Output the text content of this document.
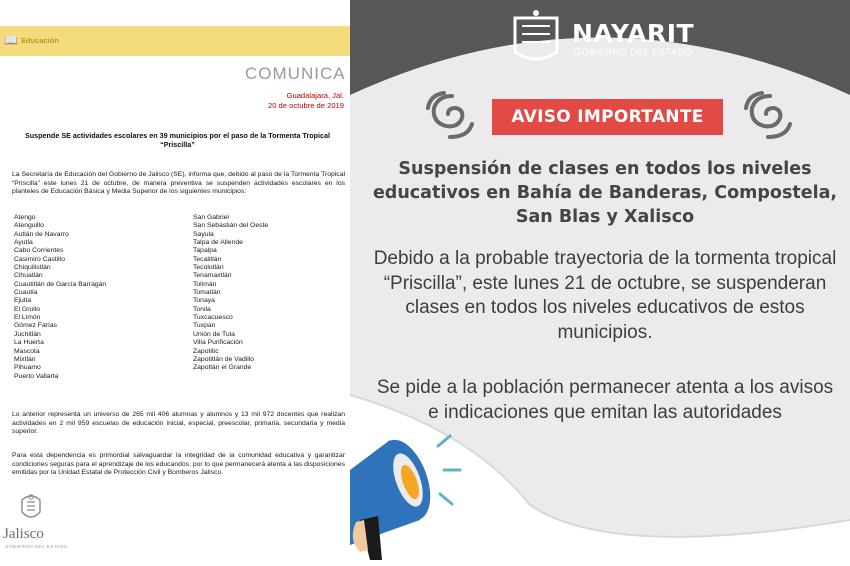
📖 Educación
COMUNICA
Guadalajara, Jal.
20 de octubre de 2019
Suspende SE actividades escolares en 39 municipios por el paso de la Tormenta Tropical “Priscilla”

La Secretaría de Educación del Gobierno de Jalisco (SE), informa que, debido al paso de la Tormenta Tropical “Priscilla” este lunes 21 de octubre, de manera preventiva se suspenden actividades escolares en los planteles de Educación Básica y Media Superior de los siguientes municipios:

Atengo
Atenguillo
Autlán de Navarro
Ayutla
Cabo Corrientes
Casimiro Castillo
Chiquilistlán
Cihuatlán
Cuautitlán de García Barragán
Cuautla
Ejutla
El Grullo
El Limón
Gómez Farías
Juchitlán
La Huerta
Mascota
Mixtlán
Pihuamo
Puerto Vallarta
San Gabriel
San Sebastián del Oeste
Sayula
Talpa de Allende
Tapalpa
Tecalitlán
Tecolotlán
Tenamaxtlán
Tolimán
Tomatlán
Tonaya
Tonila
Tuxcacuesco
Tuxpan
Unión de Tula
Villa Purificación
Zapotitic
Zapotitlán de Vadillo
Zapotlán el Grande

Lo anterior representa un universo de 265 mil 406 alumnas y alumnos y 13 mil 972 docentes que realizan actividades en 2 mil 959 escuelas de educación inicial, especial, preescolar, primaria, secundaria y media superior.

Para esta dependencia es primordial salvaguardar la integridad de la comunidad educativa y garantizar condiciones seguras para el aprendizaje de los educandos, por lo que permanecerá atenta a las disposiciones emitidas por la Unidad Estatal de Protección Civil y Bomberos Jalisco.

Jalisco
GOBIERNO DEL ESTADO
NAYARIT
GOBIERNO DEL ESTADO
AVISO IMPORTANTE
Suspensión de clases en todos los niveles educativos en Bahía de Banderas, Compostela, San Blas y Xalisco
Debido a la probable trayectoria de la tormenta tropical “Priscilla”, este lunes 21 de octubre, se suspenderan clases en todos los niveles educativos de estos municipios.
Se pide a la población permanecer atenta a los avisos e indicaciones que emitan las autoridades
